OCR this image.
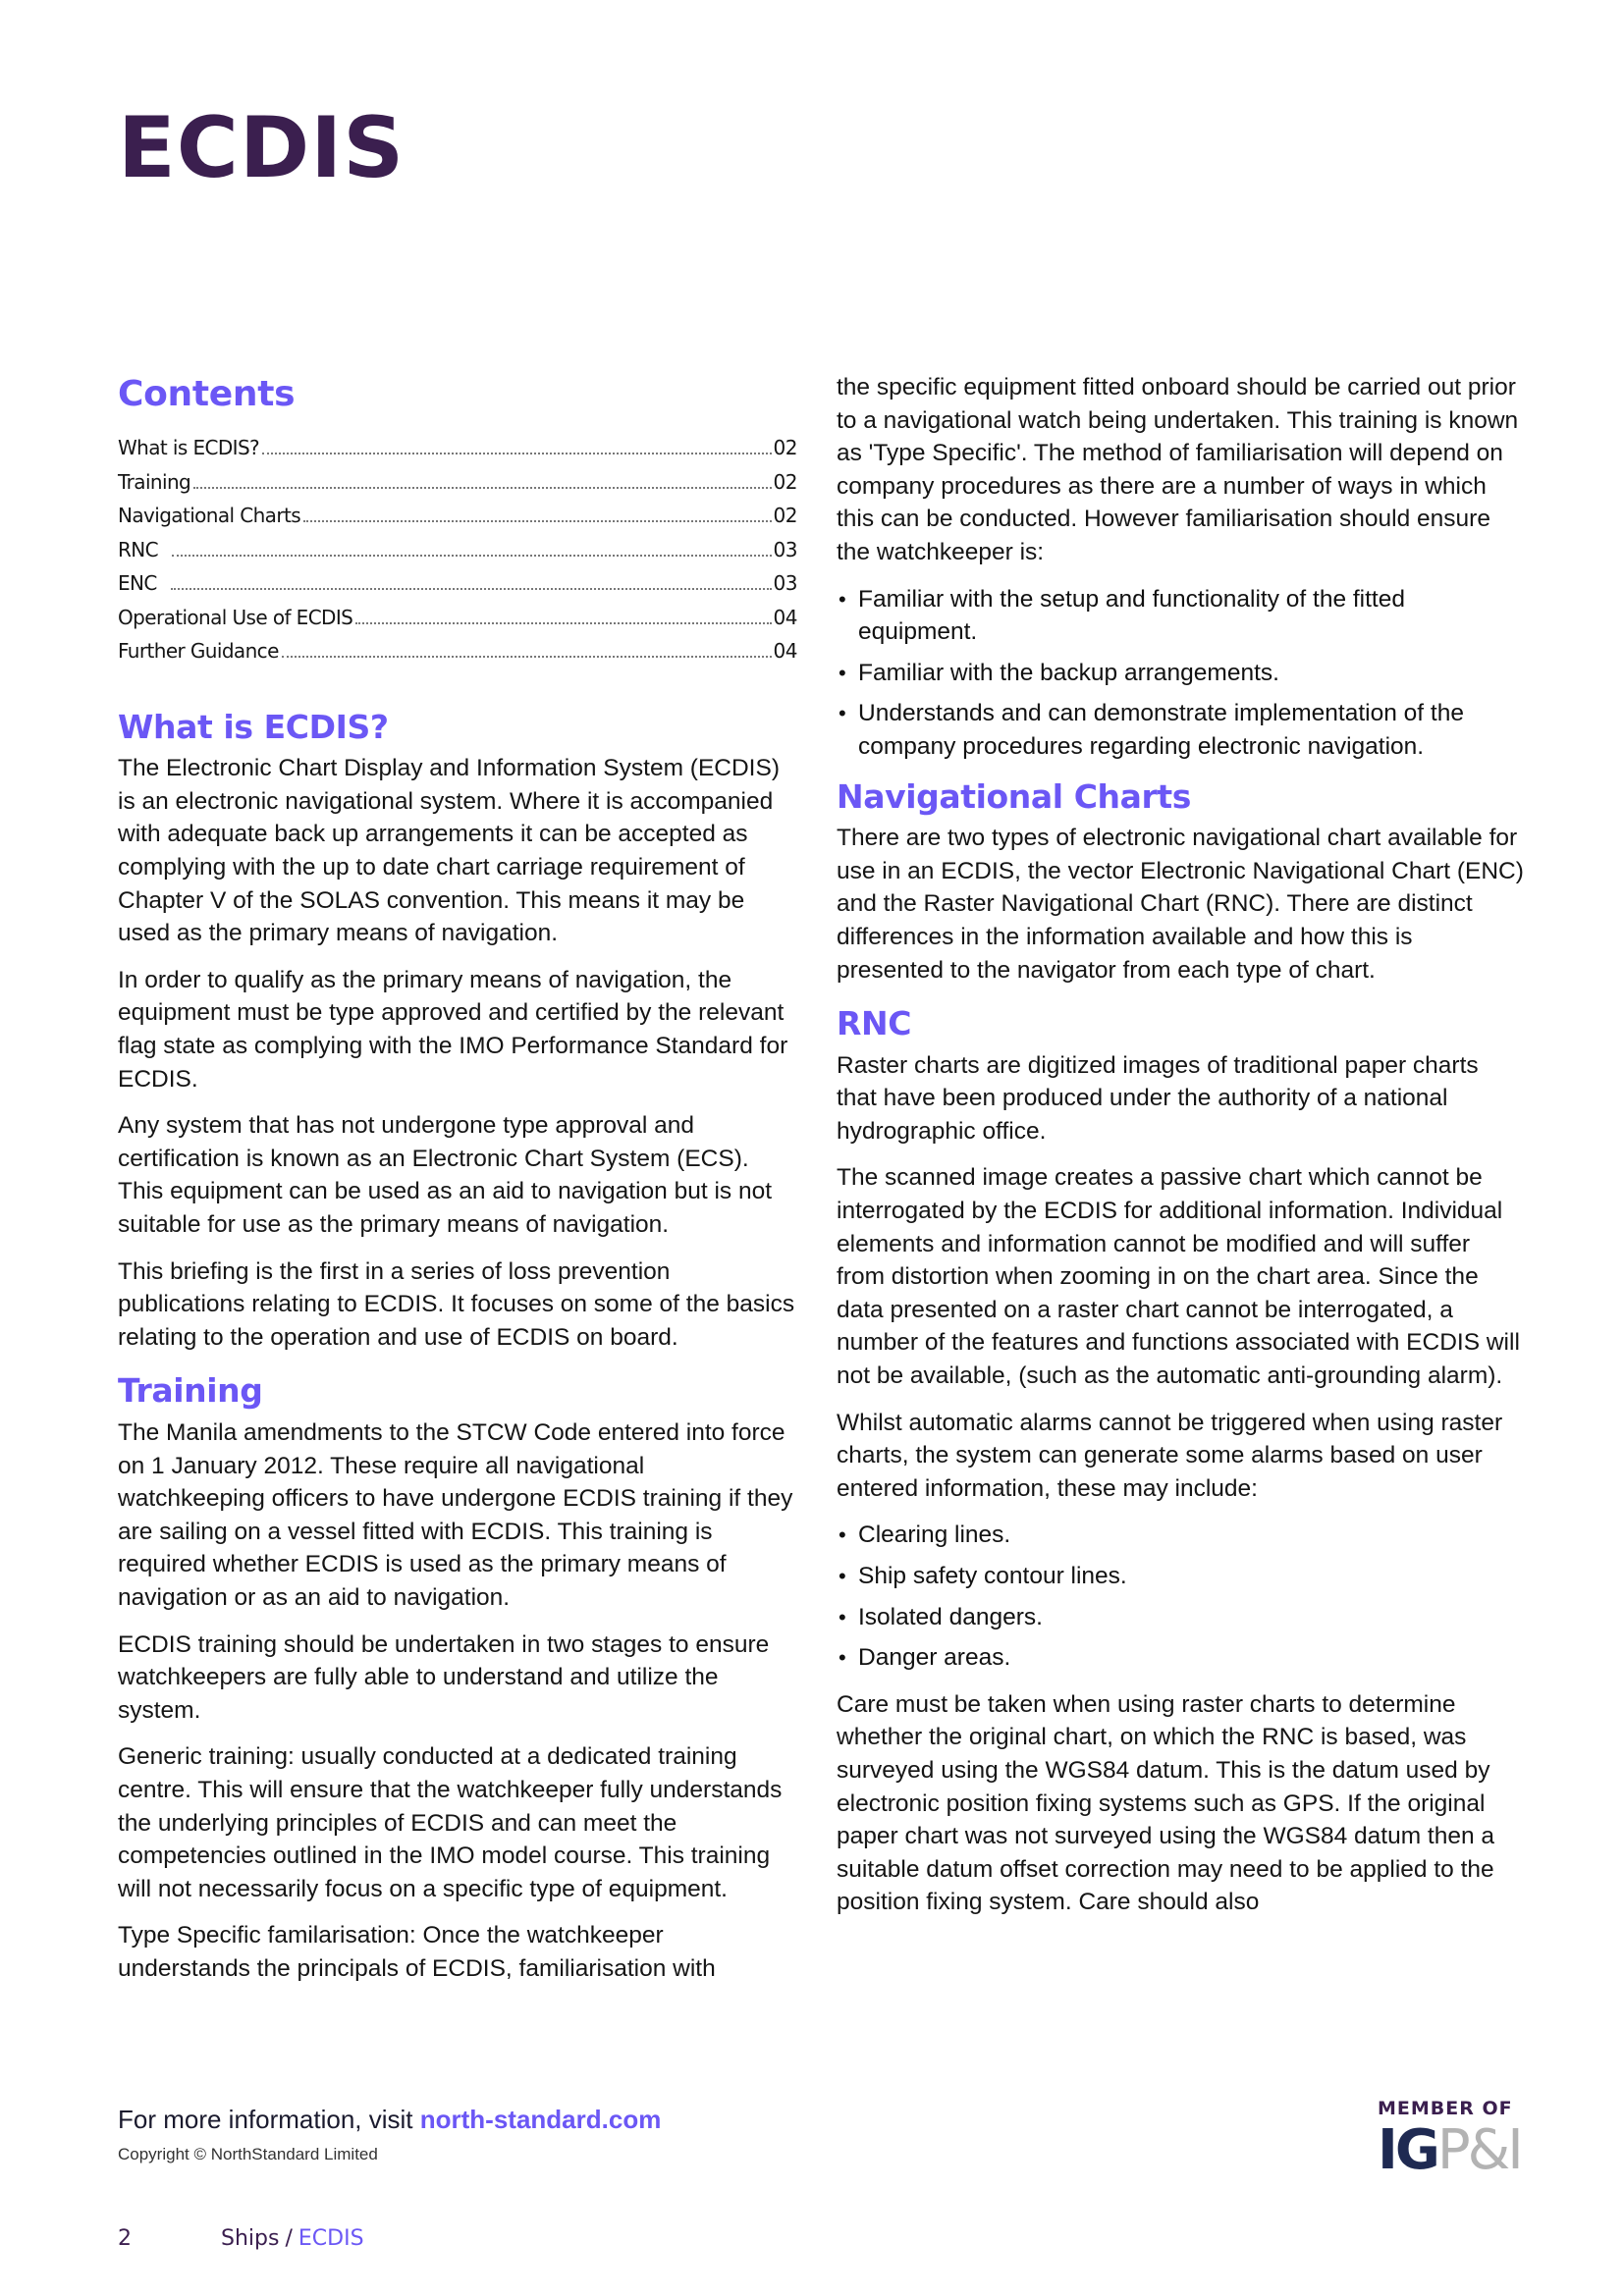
ECDIS
Contents
What is ECDIS?	02
Training	02
Navigational Charts	02
RNC	03
ENC	03
Operational Use of ECDIS	04
Further Guidance	04
What is ECDIS?

The Electronic Chart Display and Information System (ECDIS) is an electronic navigational system. Where it is accompanied with adequate back up arrangements it can be accepted as complying with the up to date chart carriage requirement of Chapter V of the SOLAS convention. This means it may be used as the primary means of navigation.

In order to qualify as the primary means of navigation, the equipment must be type approved and certified by the relevant flag state as complying with the IMO Performance Standard for ECDIS.

Any system that has not undergone type approval and certification is known as an Electronic Chart System (ECS). This equipment can be used as an aid to navigation but is not suitable for use as the primary means of navigation.

This briefing is the first in a series of loss prevention publications relating to ECDIS. It focuses on some of the basics relating to the operation and use of ECDIS on board.

Training

The Manila amendments to the STCW Code entered into force on 1 January 2012. These require all navigational watchkeeping officers to have undergone ECDIS training if they are sailing on a vessel fitted with ECDIS. This training is required whether ECDIS is used as the primary means of navigation or as an aid to navigation.

ECDIS training should be undertaken in two stages to ensure watchkeepers are fully able to understand and utilize the system.

Generic training: usually conducted at a dedicated training centre. This will ensure that the watchkeeper fully understands the underlying principles of ECDIS and can meet the competencies outlined in the IMO model course. This training will not necessarily focus on a specific type of equipment.

Type Specific familarisation: Once the watchkeeper understands the principals of ECDIS, familiarisation with

the specific equipment fitted onboard should be carried out prior to a navigational watch being undertaken. This training is known as 'Type Specific'. The method of familiarisation will depend on company procedures as there are a number of ways in which this can be conducted. However familiarisation should ensure the watchkeeper is:

• Familiar with the setup and functionality of the fitted equipment.
• Familiar with the backup arrangements.
• Understands and can demonstrate implementation of the company procedures regarding electronic navigation.
Navigational Charts

There are two types of electronic navigational chart available for use in an ECDIS, the vector Electronic Navigational Chart (ENC) and the Raster Navigational Chart (RNC). There are distinct differences in the information available and how this is presented to the navigator from each type of chart.

RNC

Raster charts are digitized images of traditional paper charts that have been produced under the authority of a national hydrographic office.

The scanned image creates a passive chart which cannot be interrogated by the ECDIS for additional information. Individual elements and information cannot be modified and will suffer from distortion when zooming in on the chart area. Since the data presented on a raster chart cannot be interrogated, a number of the features and functions associated with ECDIS will not be available, (such as the automatic anti-grounding alarm).

Whilst automatic alarms cannot be triggered when using raster charts, the system can generate some alarms based on user entered information, these may include:

• Clearing lines.
• Ship safety contour lines.
• Isolated dangers.
• Danger areas.

Care must be taken when using raster charts to determine whether the original chart, on which the RNC is based, was surveyed using the WGS84 datum. This is the datum used by electronic position fixing systems such as GPS. If the original paper chart was not surveyed using the WGS84 datum then a suitable datum offset correction may need to be applied to the position fixing system. Care should also

For more information, visit north-standard.com
Copyright © NorthStandard Limited
MEMBER OF
IGP&I
2	Ships / ECDIS
